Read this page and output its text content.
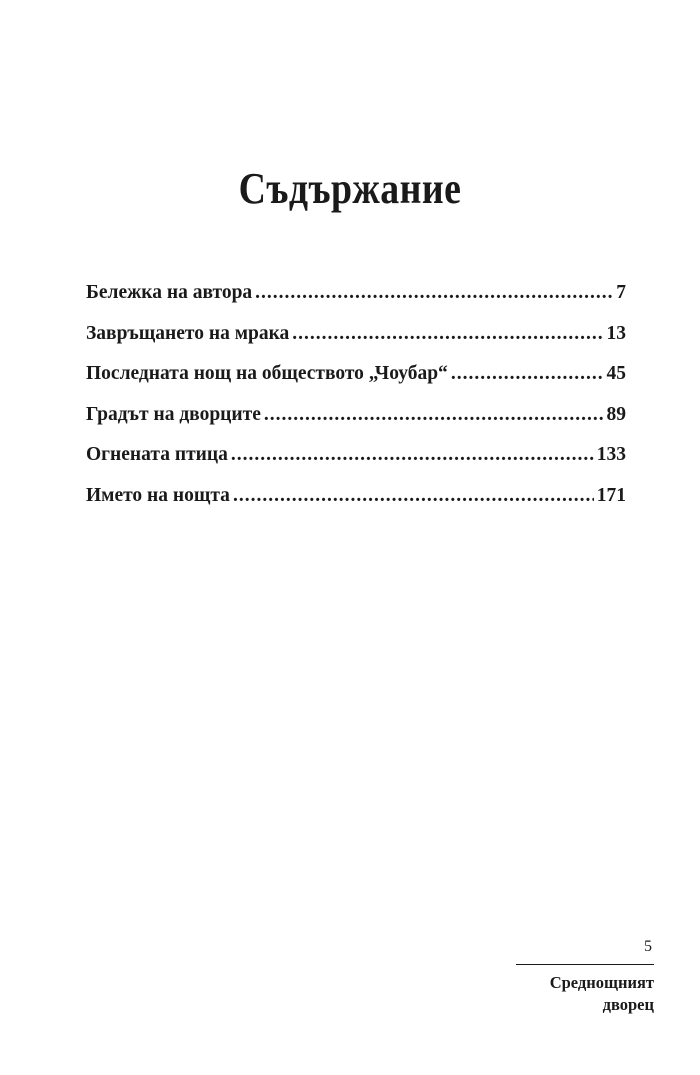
Съдържание
Бележка на автора .....	7
Завръщането на мрака .....	13
Последната нощ на обществото „Чоубар“ .....	45
Градът на дворците .....	89
Огнената птица .....	133
Името на нощта .....	171
5
Среднощният
дворец
